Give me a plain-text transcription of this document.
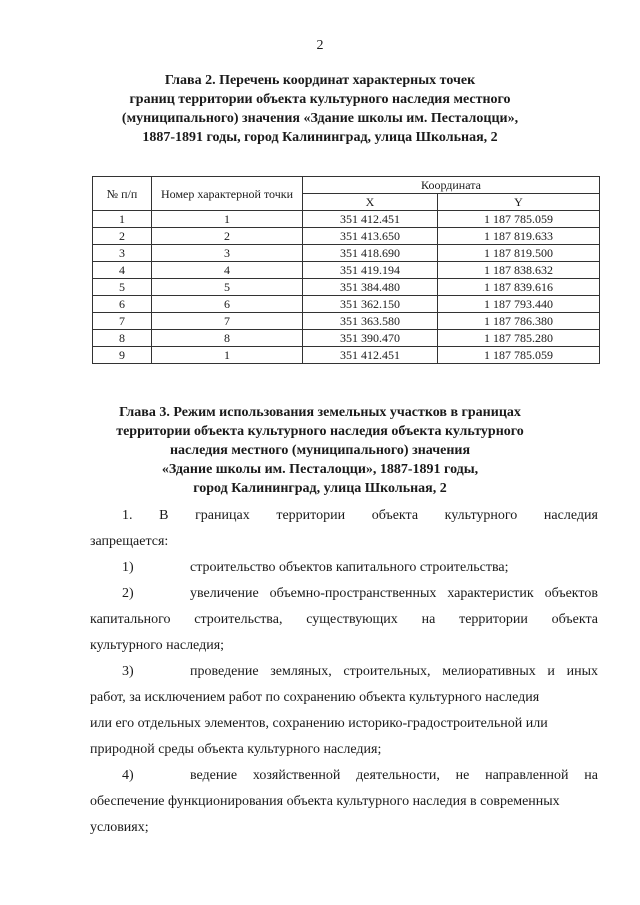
2
Глава 2. Перечень координат характерных точек
границ территории объекта культурного наследия местного
(муниципального) значения «Здание школы им. Песталоцци»,
1887-1891 годы, город Калининград, улица Школьная, 2
№ п/п	Номер характерной точки	Координата	
		X	Y
1	1	351 412.451	1 187 785.059
2	2	351 413.650	1 187 819.633
3	3	351 418.690	1 187 819.500
4	4	351 419.194	1 187 838.632
5	5	351 384.480	1 187 839.616
6	6	351 362.150	1 187 793.440
7	7	351 363.580	1 187 786.380
8	8	351 390.470	1 187 785.280
9	1	351 412.451	1 187 785.059
Глава 3. Режим использования земельных участков в границах
территории объекта культурного наследия объекта культурного
наследия местного (муниципального) значения
«Здание школы им. Песталоцци», 1887-1891 годы,
город Калининград, улица Школьная, 2
1. В границах территории объекта культурного наследия
запрещается:
1)	строительство объектов капитального строительства;
2)	увеличение объемно-пространственных характеристик объектов
капитального строительства, существующих на территории объекта
культурного наследия;
3)	проведение земляных, строительных, мелиоративных и иных
работ, за исключением работ по сохранению объекта культурного наследия
или его отдельных элементов, сохранению историко-градостроительной или
природной среды объекта культурного наследия;
4)	ведение хозяйственной деятельности, не направленной на
обеспечение функционирования объекта культурного наследия в современных
условиях;
